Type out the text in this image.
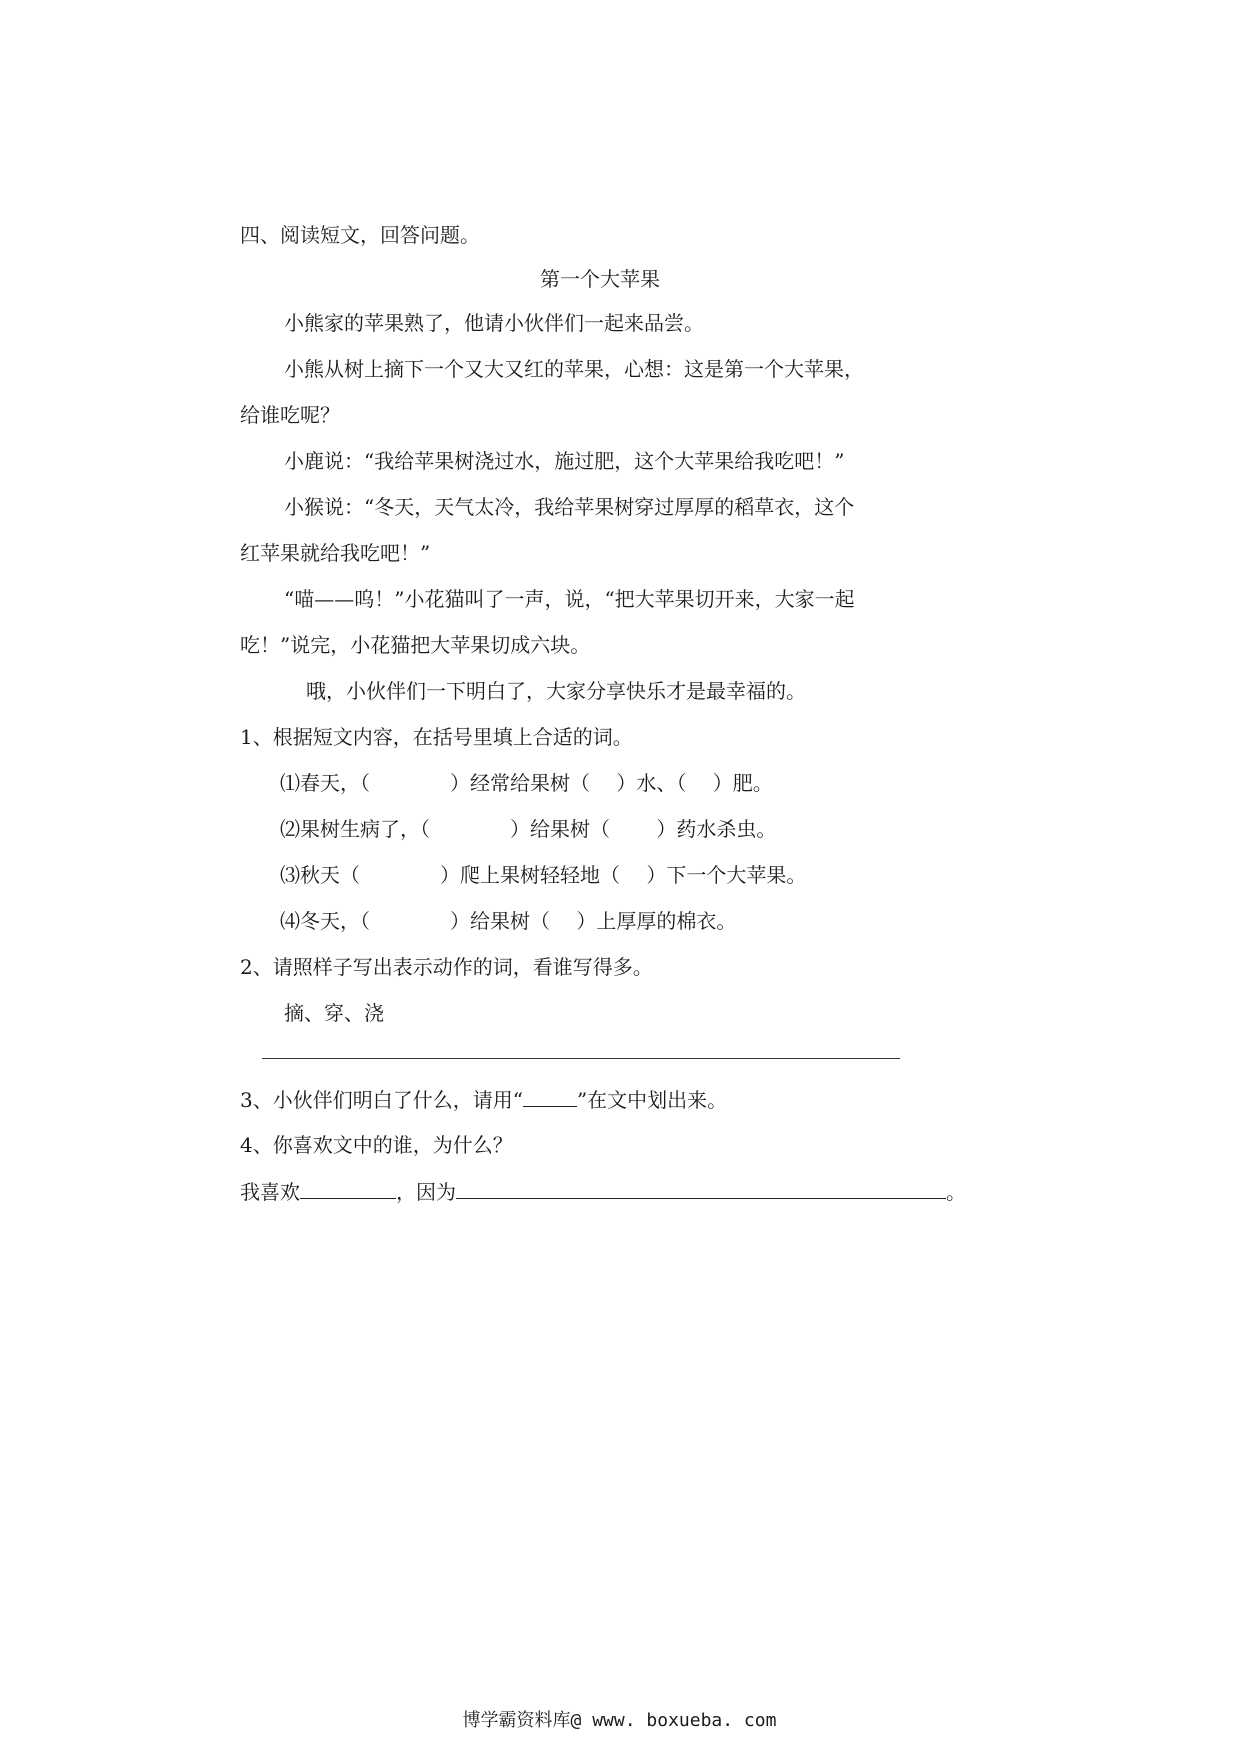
四、阅读短文，回答问题。
第一个大苹果
小熊家的苹果熟了，他请小伙伴们一起来品尝。
小熊从树上摘下一个又大又红的苹果，心想：这是第一个大苹果，
给谁吃呢？
小鹿说：“我给苹果树浇过水，施过肥，这个大苹果给我吃吧！”
小猴说：“冬天，天气太冷，我给苹果树穿过厚厚的稻草衣，这个
红苹果就给我吃吧！”
“喵——呜！”小花猫叫了一声，说，“把大苹果切开来，大家一起
吃！”说完，小花猫把大苹果切成六块。
哦，小伙伴们一下明白了，大家分享快乐才是最幸福的。
1、根据短文内容，在括号里填上合适的词。
⑴春天，（　　　　）经常给果树（　 ）水、（　 ）肥。
⑵果树生病了，（　　　　）给果树（　　 ）药水杀虫。
⑶秋天（　　　　）爬上果树轻轻地（　 ）下一个大苹果。
⑷冬天，（　　　　）给果树（　 ）上厚厚的棉衣。
2、请照样子写出表示动作的词，看谁写得多。
摘、穿、浇
3、小伙伴们明白了什么，请用“	”在文中划出来。
4、你喜欢文中的谁，为什么？
我喜欢	，因为	。
博学霸资料库@ www. boxueba. com
